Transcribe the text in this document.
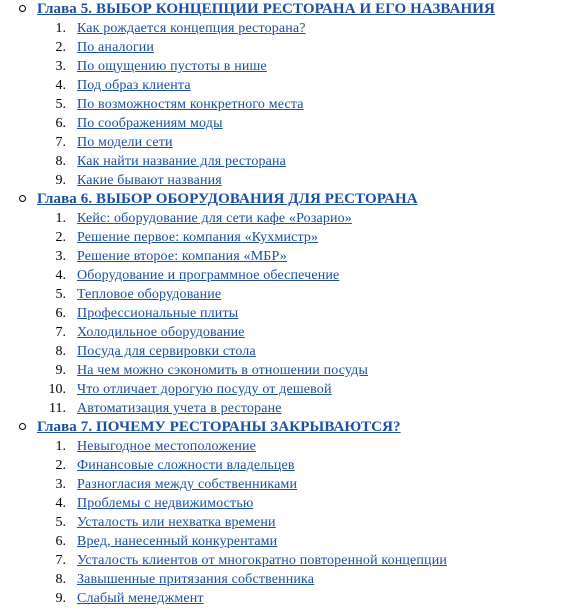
Глава 5. ВЫБОР КОНЦЕПЦИИ РЕСТОРАНА И ЕГО НАЗВАНИЯ
1. Как рождается концепция ресторана?
2. По аналогии
3. По ощущению пустоты в нише
4. Под образ клиента
5. По возможностям конкретного места
6. По соображениям моды
7. По модели сети
8. Как найти название для ресторана
9. Какие бывают названия
Глава 6. ВЫБОР ОБОРУДОВАНИЯ ДЛЯ РЕСТОРАНА
1. Кейс: оборудование для сети кафе «Розарио»
2. Решение первое: компания «Кухмистр»
3. Решение второе: компания «МБР»
4. Оборудование и программное обеспечение
5. Тепловое оборудование
6. Профессиональные плиты
7. Холодильное оборудование
8. Посуда для сервировки стола
9. На чем можно сэкономить в отношении посуды
10. Что отличает дорогую посуду от дешевой
11. Автоматизация учета в ресторане
Глава 7. ПОЧЕМУ РЕСТОРАНЫ ЗАКРЫВАЮТСЯ?
1. Невыгодное местоположение
2. Финансовые сложности владельцев
3. Разногласия между собственниками
4. Проблемы с недвижимостью
5. Усталость или нехватка времени
6. Вред, нанесенный конкурентами
7. Усталость клиентов от многократно повторенной концепции
8. Завышенные притязания собственника
9. Слабый менеджмент
